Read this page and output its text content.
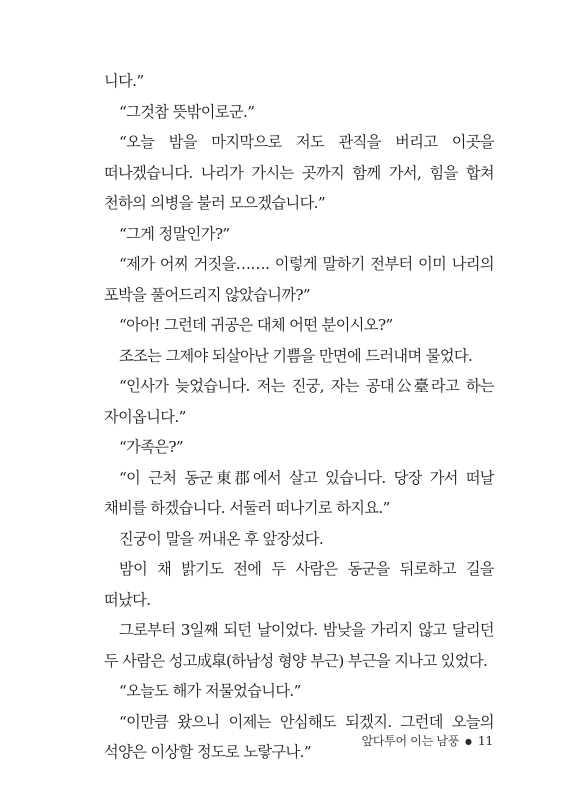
니다.”

“그것참 뜻밖이로군.”

“오늘 밤을 마지막으로 저도 관직을 버리고 이곳을 떠나겠습니다. 나리가 가시는 곳까지 함께 가서, 힘을 합쳐 천하의 의병을 불러 모으겠습니다.”

“그게 정말인가?”

“제가 어찌 거짓을……. 이렇게 말하기 전부터 이미 나리의 포박을 풀어드리지 않았습니까?”

“아아! 그런데 귀공은 대체 어떤 분이시오?”

조조는 그제야 되살아난 기쁨을 만면에 드러내며 물었다.

“인사가 늦었습니다. 저는 진궁, 자는 공대公臺라고 하는 자이옵니다.”

“가족은?”

“이 근처 동군東郡에서 살고 있습니다. 당장 가서 떠날 채비를 하겠습니다. 서둘러 떠나기로 하지요.”

진궁이 말을 꺼내온 후 앞장섰다.

밤이 채 밝기도 전에 두 사람은 동군을 뒤로하고 길을 떠났다.

그로부터 3일째 되던 날이었다. 밤낮을 가리지 않고 달리던 두 사람은 성고成皐(하남성 형양 부근) 부근을 지나고 있었다.

“오늘도 해가 저물었습니다.”

“이만큼 왔으니 이제는 안심해도 되겠지. 그런데 오늘의 석양은 이상할 정도로 노랗구나.”

앞다투어 이는 남풍 ● 11
